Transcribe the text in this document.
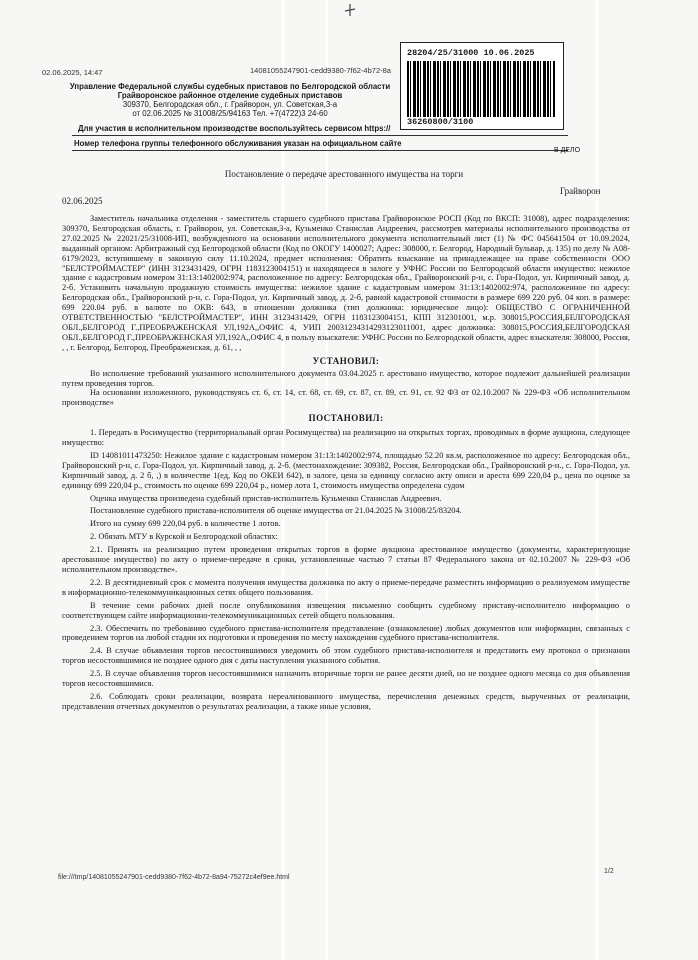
02.06.2025, 14:47	14081055247901-cedd9380-7f62-4b72-8a
28204/25/31000 10.06.2025
36260800/3100
Управление Федеральной службы судебных приставов по Белгородской области
Грайворонское районное отделение судебных приставов
309370, Белгородская обл., г. Грайворон, ул. Советская,3-а
от 02.06.2025 № 31008/25/94163 Тел. +7(4722)3 24-60
Для участия в исполнительном производстве воспользуйтесь сервисом https://
Номер телефона группы телефонного обслуживания указан на официальном сайте
В ДЕЛО
Постановление о передаче арестованного имущества на торги
Грайворон
02.06.2025

Заместитель начальника отделения - заместитель старшего судебного пристава Грайворонское РОСП (Код по ВКСП: 31008), адрес подразделения: 309370, Белгородская область, г. Грайворон, ул. Советская,3-а, Кузьменко Станислав Андреевич, рассмотрев материалы исполнительного производства от 27.02.2025 № 22021/25/31008-ИП, возбужденного на основании исполнительного документа исполнительный лист (1) № ФС 045641504 от 10.09.2024, выданный органом: Арбитражный суд Белгородской области (Код по ОКОГУ 1400027; Адрес: 308000, г. Белгород, Народный бульвар, д. 135) по делу № А08-6179/2023, вступившему в законную силу 11.10.2024, предмет исполнения: Обратить взыскание на принадлежащее на праве собственности ООО "БЕЛСТРОЙМАСТЕР" (ИНН 3123431429, ОГРН 1183123004151) и находящееся в залоге у УФНС России по Белгородской области имущество: нежилое здание с кадастровым номером 31:13:1402002:974, расположенное по адресу: Белгородская обл., Грайворонский р-н, с. Гора-Подол, ул. Кирпичный завод, д. 2-б. Установить начальную продажную стоимость имущества: нежилое здание с кадастровым номером 31:13:1402002:974, расположенное по адресу: Белгородская обл., Грайворонский р-н, с. Гора-Подол, ул. Кирпичный завод, д. 2-б, равной кадастровой стоимости в размере 699 220 руб. 04 коп. в размере: 699 220.04 руб. в валюте по ОКВ: 643, в отношении должника (тип должника: юридическое лицо): ОБЩЕСТВО С ОГРАНИЧЕННОЙ ОТВЕТСТВЕННОСТЬЮ "БЕЛСТРОЙМАСТЕР", ИНН 3123431429, ОГРН 1183123004151, КПП 312301001, м.р. 308015,РОССИЯ,БЕЛГОРОДСКАЯ ОБЛ.,БЕЛГОРОД Г.,ПРЕОБРАЖЕНСКАЯ УЛ,192А,,ОФИС 4, УИП 20031234314293123011001, адрес должника: 308015,РОССИЯ,БЕЛГОРОДСКАЯ ОБЛ.,БЕЛГОРОД Г.,ПРЕОБРАЖЕНСКАЯ УЛ,192А,,ОФИС 4, в пользу взыскателя: УФНС России по Белгородской области, адрес взыскателя: 308000, Россия, , , г. Белгород, Белгород, Преображенская, д. 61, , ,

УСТАНОВИЛ:

Во исполнение требований указанного исполнительного документа 03.04.2025 г. арестовано имущество, которое подлежит дальнейшей реализации путем проведения торгов.

На основании изложенного, руководствуясь ст. 6, ст. 14, ст. 68, ст. 69, ст. 87, ст. 89, ст. 91, ст. 92 ФЗ от 02.10.2007 № 229-ФЗ «Об исполнительном производстве»

ПОСТАНОВИЛ:

1. Передать в Росимущество (территориальный орган Росимущества) на реализацию на открытых торгах, проводимых в форме аукциона, следующее имущество:

ID 14081011473250: Нежилое здание с кадастровым номером 31:13:1402002:974, площадью 52.20 кв.м, расположенное по адресу: Белгородская обл., Грайворонский р-н, с. Гора-Подол, ул. Кирпичный завод, д. 2-б. (местонахождение: 309382, Россия, Белгородская обл., Грайворонский р-н., с. Гора-Подол, ул. Кирпичный завод, д. 2 б, ,) в количестве 1(ед, Код по ОКЕИ 642), в залоге, цена за единицу согласно акту описи и ареста 699 220,04 р., цена по оценке за единицу 699 220,04 р., стоимость по оценке 699 220,04 р., номер лота 1, стоимость имущества определена судом

Оценка имущества произведена судебный пристав-исполнитель Кузьменко Станислав Андреевич.

Постановление судебного пристава-исполнителя об оценке имущества от 21.04.2025 № 31008/25/83204.

Итого на сумму 699 220,04 руб. в количестве 1 лотов.

2. Обязать МТУ в Курской и Белгородской областях:

2.1. Принять на реализацию путем проведения открытых торгов в форме аукциона арестованное имущество (документы, характеризующие арестованное имущество) по акту о приеме-передаче в сроки, установленные частью 7 статьи 87 Федерального закона от 02.10.2007 № 229-ФЗ «Об исполнительном производстве».

2.2. В десятидневный срок с момента получения имущества должника по акту о приеме-передаче разместить информацию о реализуемом имуществе в информационно-телекоммуникационных сетях общего пользования.

В течение семи рабочих дней после опубликования извещения письменно сообщить судебному приставу-исполнителю информацию о соответствующем сайте информационно-телекоммуникационных сетей общего пользования.

2.3. Обеспечить по требованию судебного пристава-исполнителя представление (ознакомление) любых документов или информации, связанных с проведением торгов на любой стадии их подготовки и проведения по месту нахождения судебного пристава-исполнителя.

2.4. В случае объявления торгов несостоявшимися уведомить об этом судебного пристава-исполнителя и представить ему протокол о признании торгов несостоявшимися не позднее одного дня с даты наступления указанного события.

2.5. В случае объявления торгов несостоявшимися назначить вторичные торги не ранее десяти дней, но не позднее одного месяца со дня объявления торгов несостоявшимися.

2.6. Соблюдать сроки реализации, возврата нереализованного имущества, перечисления денежных средств, вырученных от реализации, представления отчетных документов о результатах реализации, а также иные условия,

file:///tmp/14081055247901-cedd9380-7f62-4b72-8a94-75272c4ef9ee.html
1/2
